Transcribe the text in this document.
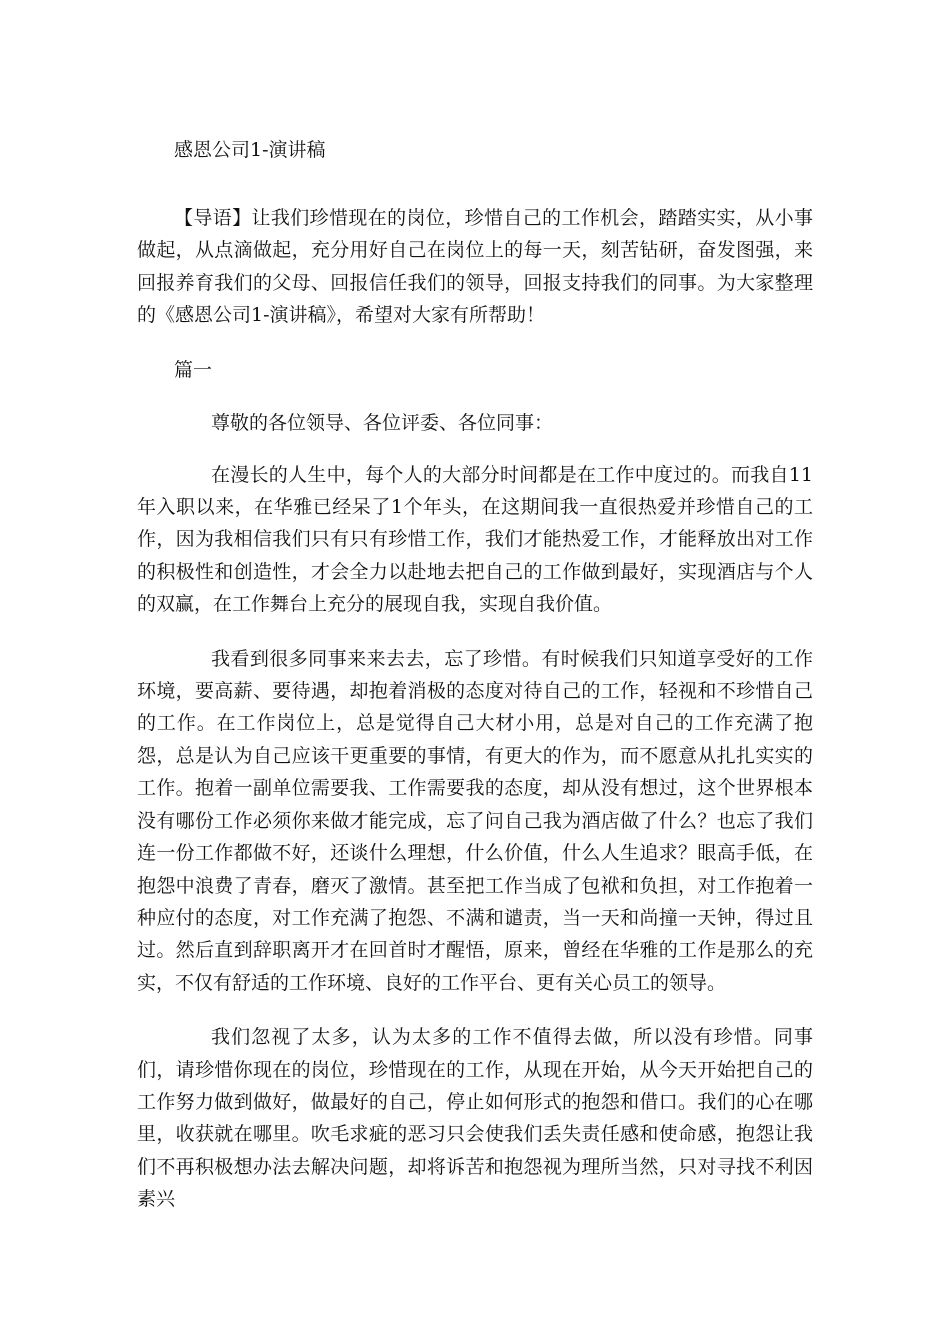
感恩公司1-演讲稿

【导语】让我们珍惜现在的岗位，珍惜自己的工作机会，踏踏实实，从小事做起，从点滴做起，充分用好自己在岗位上的每一天，刻苦钻研，奋发图强，来回报养育我们的父母、回报信任我们的领导，回报支持我们的同事。为大家整理的《感恩公司1-演讲稿》，希望对大家有所帮助！

篇一
尊敬的各位领导、各位评委、各位同事：

在漫长的人生中，每个人的大部分时间都是在工作中度过的。而我自11年入职以来，在华雅已经呆了1个年头，在这期间我一直很热爱并珍惜自己的工作，因为我相信我们只有只有珍惜工作，我们才能热爱工作，才能释放出对工作的积极性和创造性，才会全力以赴地去把自己的工作做到最好，实现酒店与个人的双赢，在工作舞台上充分的展现自我，实现自我价值。

我看到很多同事来来去去，忘了珍惜。有时候我们只知道享受好的工作环境，要高薪、要待遇，却抱着消极的态度对待自己的工作，轻视和不珍惜自己的工作。在工作岗位上，总是觉得自己大材小用，总是对自己的工作充满了抱怨，总是认为自己应该干更重要的事情，有更大的作为，而不愿意从扎扎实实的工作。抱着一副单位需要我、工作需要我的态度，却从没有想过，这个世界根本没有哪份工作必须你来做才能完成，忘了问自己我为酒店做了什么？也忘了我们连一份工作都做不好，还谈什么理想，什么价值，什么人生追求？眼高手低，在抱怨中浪费了青春，磨灭了激情。甚至把工作当成了包袱和负担，对工作抱着一种应付的态度，对工作充满了抱怨、不满和谴责，当一天和尚撞一天钟，得过且过。然后直到辞职离开才在回首时才醒悟，原来，曾经在华雅的工作是那么的充实，不仅有舒适的工作环境、良好的工作平台、更有关心员工的领导。

我们忽视了太多，认为太多的工作不值得去做，所以没有珍惜。同事们，请珍惜你现在的岗位，珍惜现在的工作，从现在开始，从今天开始把自己的工作努力做到做好，做最好的自己，停止如何形式的抱怨和借口。我们的心在哪里，收获就在哪里。吹毛求疵的恶习只会使我们丢失责任感和使命感，抱怨让我们不再积极想办法去解决问题，却将诉苦和抱怨视为理所当然，只对寻找不利因素兴
